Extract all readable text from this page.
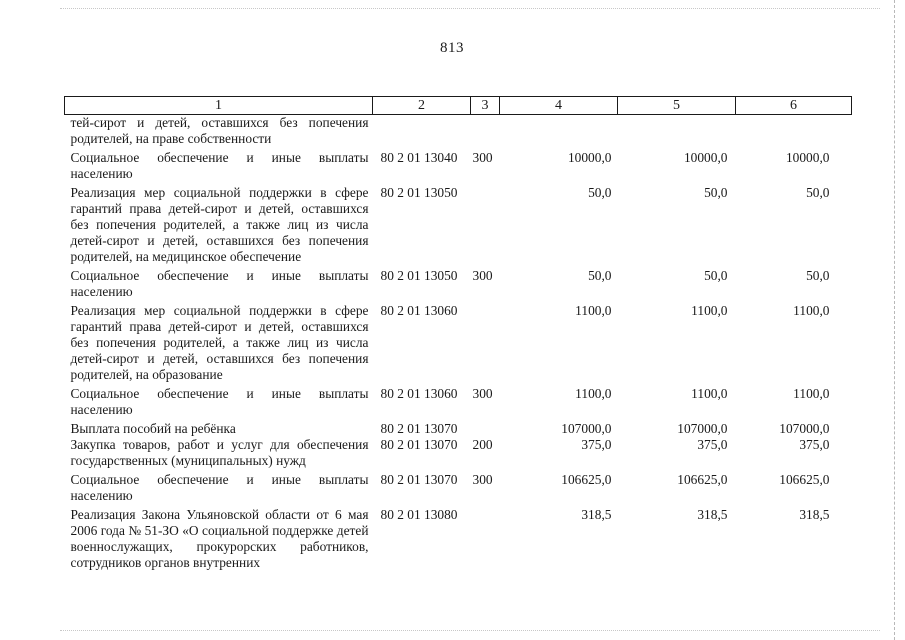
813
1	2	3	4	5	6
тей-сирот и детей, оставшихся без попечения родителей, на праве собственности					
Социальное обеспечение и иные выплаты населению	80 2 01 13040	300	10000,0	10000,0	10000,0
Реализация мер социальной поддержки в сфере гарантий права детей-сирот и детей, оставшихся без попечения родителей, а также лиц из числа детей-сирот и детей, оставшихся без попечения родителей, на медицинское обеспечение	80 2 01 13050		50,0	50,0	50,0
Социальное обеспечение и иные выплаты населению	80 2 01 13050	300	50,0	50,0	50,0
Реализация мер социальной поддержки в сфере гарантий права детей-сирот и детей, оставшихся без попечения родителей, а также лиц из числа детей-сирот и детей, оставшихся без попечения родителей, на образование	80 2 01 13060		1100,0	1100,0	1100,0
Социальное обеспечение и иные выплаты населению	80 2 01 13060	300	1100,0	1100,0	1100,0
Выплата пособий на ребёнка	80 2 01 13070		107000,0	107000,0	107000,0
Закупка товаров, работ и услуг для обеспечения государственных (муниципальных) нужд	80 2 01 13070	200	375,0	375,0	375,0
Социальное обеспечение и иные выплаты населению	80 2 01 13070	300	106625,0	106625,0	106625,0
Реализация Закона Ульяновской области от 6 мая 2006 года № 51-ЗО «О социальной поддержке детей военнослужащих, прокурорских работников, сотрудников органов внутренних	80 2 01 13080		318,5	318,5	318,5
